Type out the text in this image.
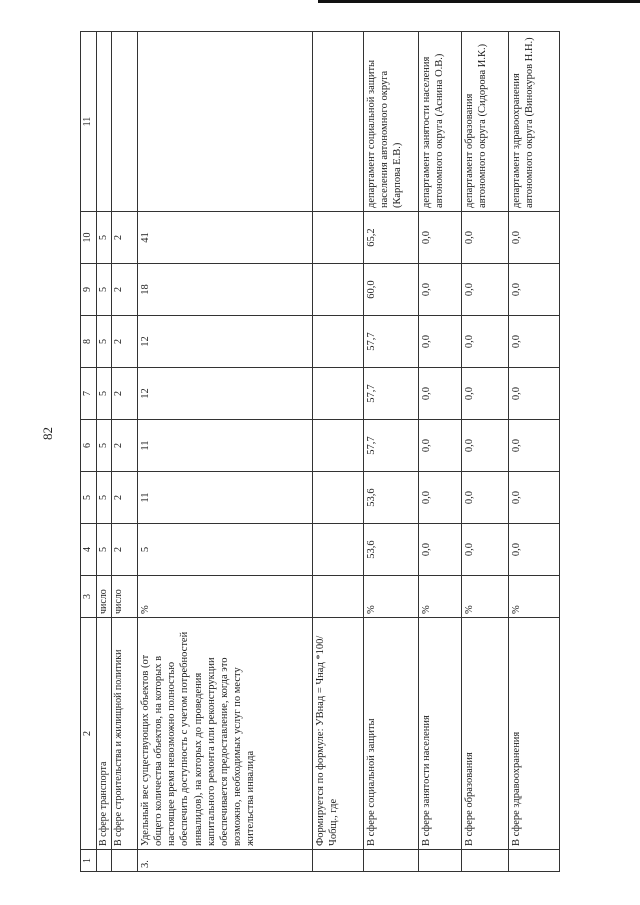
82
1	2	3	4	5	6	7	8	9	10	11
	В сфере транспорта	число	5	5	5	5	5	5	5	
	В сфере строительства и жилищной политики	число	2	2	2	2	2	2	2	
3.	Удельный вес существующих объектов (от общего количества объектов, на которых в настоящее время невозможно полностью обеспечить доступность с учетом потребностей инвалидов), на которых до проведения капитального ремонта или реконструкции обеспечивается предоставление, когда это возможно, необходимых услуг по месту жительства инвалида	%	5	11	11	12	12	18	41	
	Формируется по формуле: УВнад = Чнад *100/Чобщ., где									
	В сфере социальной защиты	%	53,6	53,6	57,7	57,7	57,7	60,0	65,2	департамент социальной защиты населения автономного округа (Карпова Е.В.)
	В сфере занятости населения	%	0,0	0,0	0,0	0,0	0,0	0,0	0,0	департамент занятости населения автономного округа (Аснина О.В.)
	В сфере образования	%	0,0	0,0	0,0	0,0	0,0	0,0	0,0	департамент образования автономного округа (Сидорова И.К.)
	В сфере здравоохранения	%	0,0	0,0	0,0	0,0	0,0	0,0	0,0	департамент здравоохранения автономного округа (Винокуров Н.Н.)
